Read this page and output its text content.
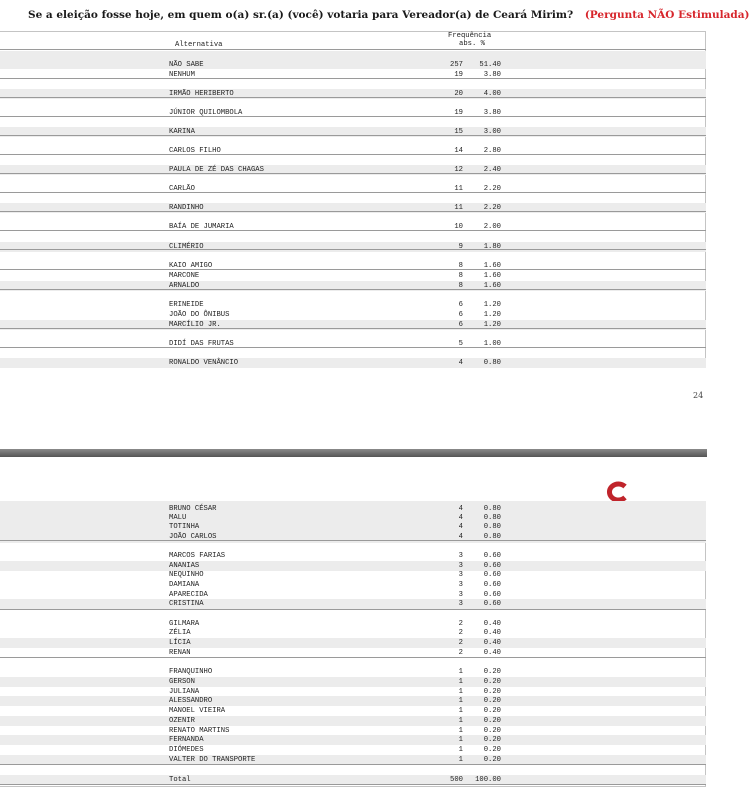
Se a eleição fosse hoje, em quem o(a) sr.(a) (você) votaria para Vereador(a) de Ceará Mirim? (Pergunta NÃO Estimulada)
Alternativa
Frequência
abs. %
NÃO SABE	257	51.40
NENHUM	19	3.80
IRMÃO HERIBERTO	20	4.00
JÚNIOR QUILOMBOLA	19	3.80
KARINA	15	3.00
CARLOS FILHO	14	2.80
PAULA DE ZÉ DAS CHAGAS	12	2.40
CARLÃO	11	2.20
RANDINHO	11	2.20
BAÍA DE JUMARIA	10	2.00
CLIMÉRIO	9	1.80
KAIO AMIGO	8	1.60
MARCONE	8	1.60
ARNALDO	8	1.60
ERINEIDE	6	1.20
JOÃO DO ÔNIBUS	6	1.20
MARCÍLIO JR.	6	1.20
DIDÍ DAS FRUTAS	5	1.00
RONALDO VENÂNCIO	4	0.80
24
BRUNO CÉSAR	4	0.80
MALU	4	0.80
TOTINHA	4	0.80
JOÃO CARLOS	4	0.80
MARCOS FARIAS	3	0.60
ANANIAS	3	0.60
NEQUINHO	3	0.60
DAMIANA	3	0.60
APARECIDA	3	0.60
CRISTINA	3	0.60
GILMARA	2	0.40
ZÉLIA	2	0.40
LÍCIA	2	0.40
RENAN	2	0.40
FRANQUINHO	1	0.20
GERSON	1	0.20
JULIANA	1	0.20
ALESSANDRO	1	0.20
MANOEL VIEIRA	1	0.20
OZENIR	1	0.20
RENATO MARTINS	1	0.20
FERNANDA	1	0.20
DIÓMEDES	1	0.20
VALTER DO TRANSPORTE	1	0.20
Total	500	100.00
